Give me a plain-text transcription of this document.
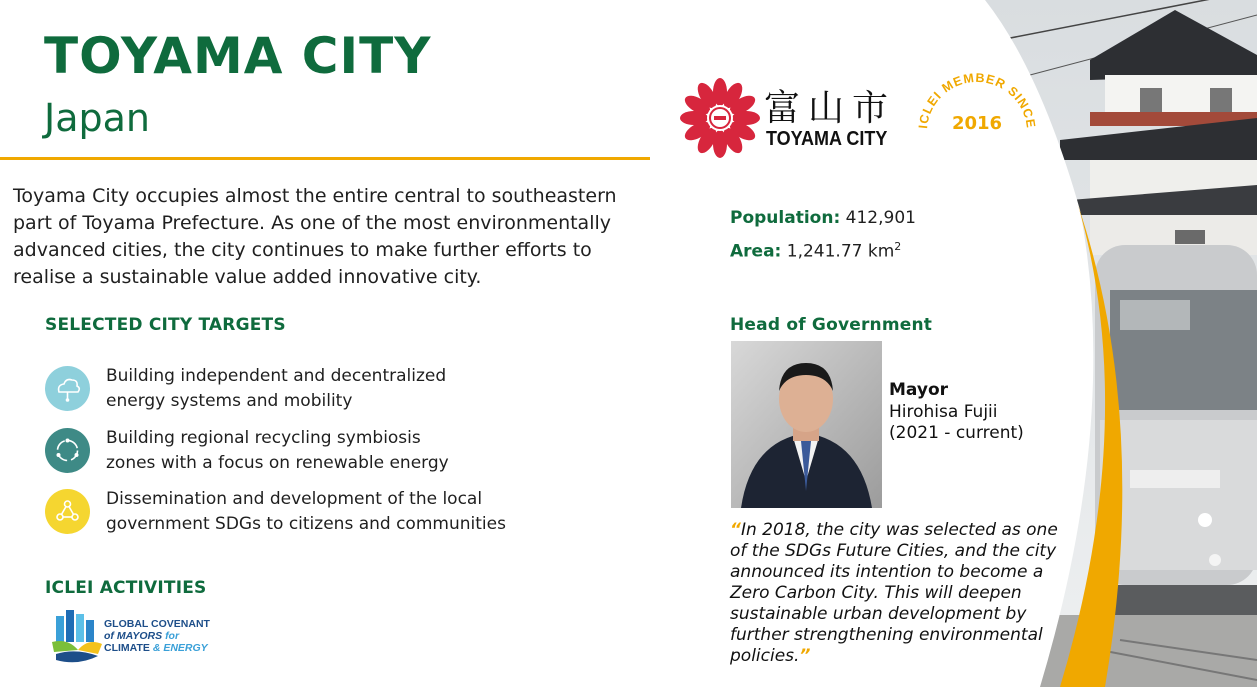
TOYAMA CITY
Japan
Toyama City occupies almost the entire central to southeastern part of Toyama Prefecture. As one of the most environmentally advanced cities, the city continues to make further efforts to realise a sustainable value added innovative city.
SELECTED CITY TARGETS
Building independent and decentralized
energy systems and mobility
Building regional recycling symbiosis
zones with a focus on renewable energy
Dissemination and development of the local
government SDGs to citizens and communities
ICLEI ACTIVITIES
GLOBAL COVENANT
of MAYORS for
CLIMATE & ENERGY
富山市
TOYAMA CITY
ICLEI MEMBER SINCE
2016
Population: 412,901
Area: 1,241.77 $km^2$
Head of Government
Mayor
Hirohisa Fujii
(2021 - current)
“In 2018, the city was selected as one of the SDGs Future Cities, and the city announced its intention to become a Zero Carbon City. This will deepen sustainable urban development by further strengthening environmental policies.”
